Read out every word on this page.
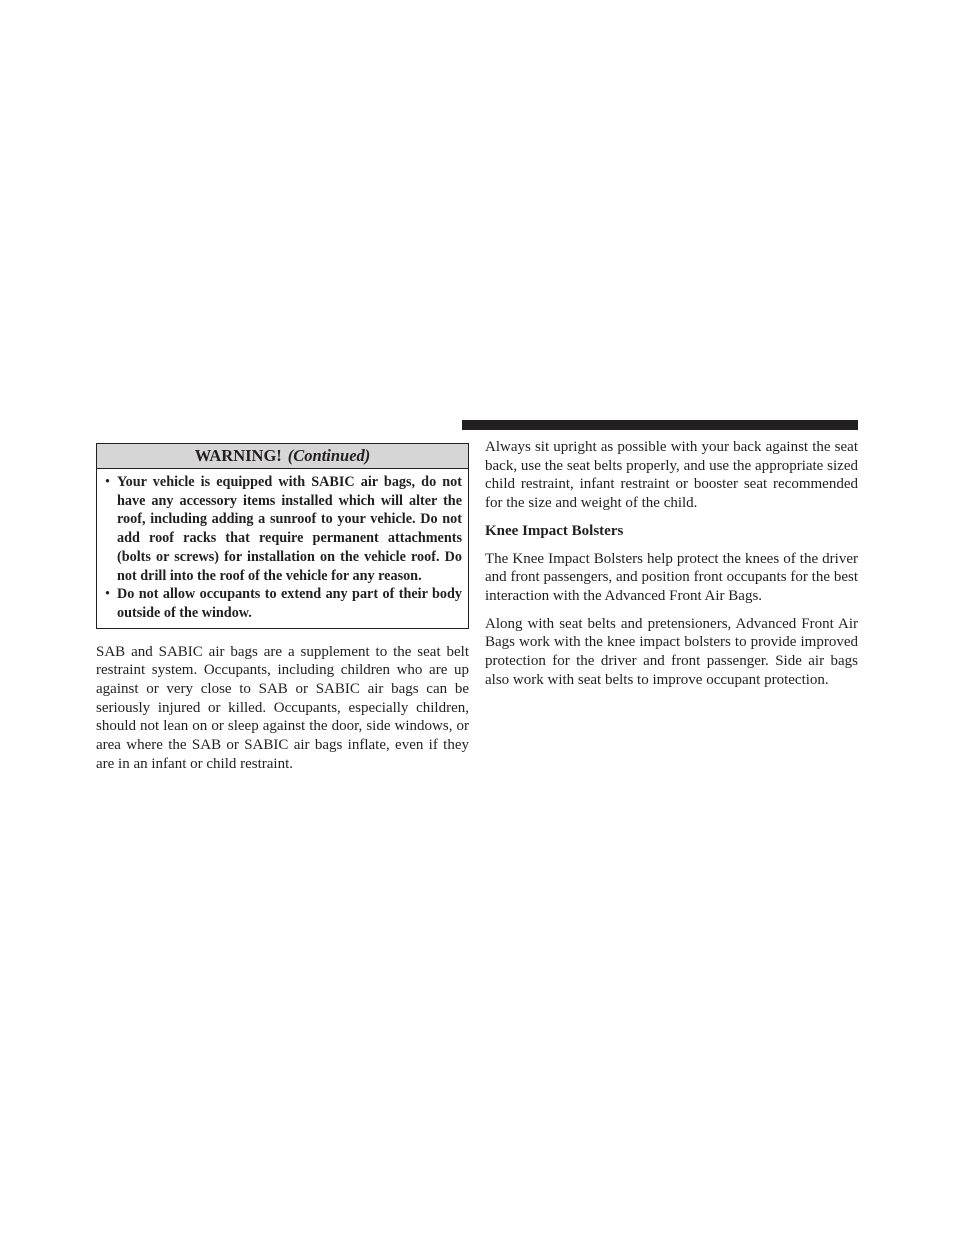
WARNING! (Continued)
• Your vehicle is equipped with SABIC air bags, do not have any accessory items installed which will alter the roof, including adding a sunroof to your vehicle. Do not add roof racks that require permanent attachments (bolts or screws) for installation on the vehicle roof. Do not drill into the roof of the vehicle for any reason.
• Do not allow occupants to extend any part of their body outside of the window.

SAB and SABIC air bags are a supplement to the seat belt restraint system. Occupants, including children who are up against or very close to SAB or SABIC air bags can be seriously injured or killed. Occupants, especially children, should not lean on or sleep against the door, side windows, or area where the SAB or SABIC air bags inflate, even if they are in an infant or child restraint.

Always sit upright as possible with your back against the seat back, use the seat belts properly, and use the appropriate sized child restraint, infant restraint or booster seat recommended for the size and weight of the child.

Knee Impact Bolsters

The Knee Impact Bolsters help protect the knees of the driver and front passengers, and position front occupants for the best interaction with the Advanced Front Air Bags.

Along with seat belts and pretensioners, Advanced Front Air Bags work with the knee impact bolsters to provide improved protection for the driver and front passenger. Side air bags also work with seat belts to improve occupant protection.
